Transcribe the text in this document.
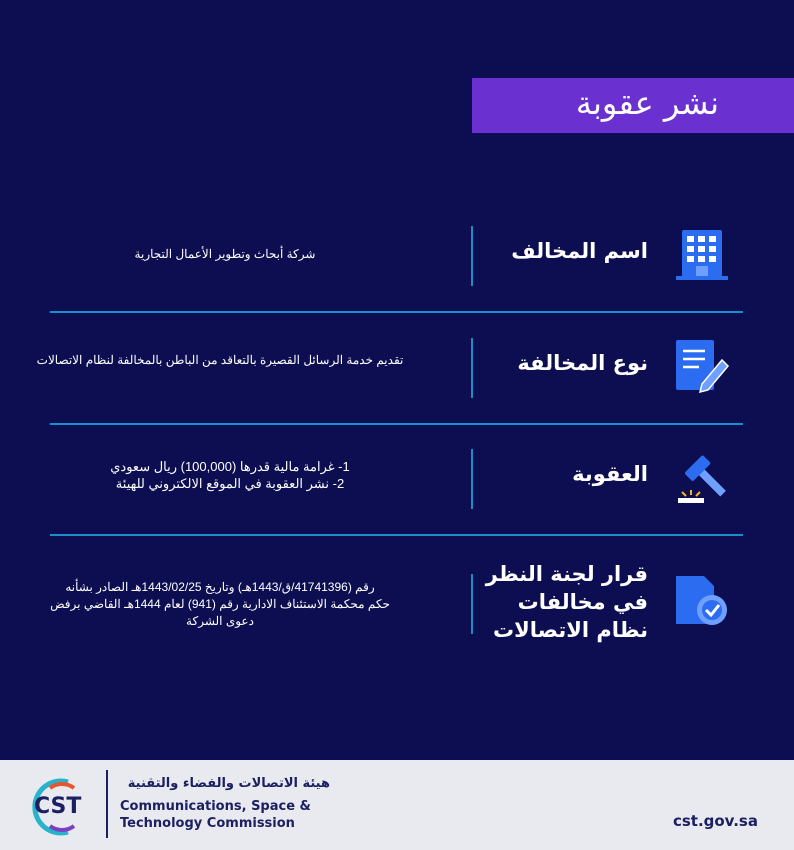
نشر عقوبة
اسم المخالف
شركة أبحاث وتطوير الأعمال التجارية
نوع المخالفة
تقديم خدمة الرسائل القصيرة بالتعاقد من الباطن بالمخالفة لنظام الاتصالات
العقوبة
1- غرامة مالية قدرها (100,000) ريال سعودي
2- نشر العقوبة في الموقع الالكتروني للهيئة
قرار لجنة النظر
في مخالفات
نظام الاتصالات
رقم (41741396/ق/1443هـ) وتاريخ 1443/02/25هـ الصادر بشأنه
حكم محكمة الاستئناف الادارية رقم (941) لعام 1444هـ القاضي برفض
دعوى الشركة
CST
هيئة الاتصالات والفضاء والتقنية
Communications, Space &
Technology Commission	cst.gov.sa
